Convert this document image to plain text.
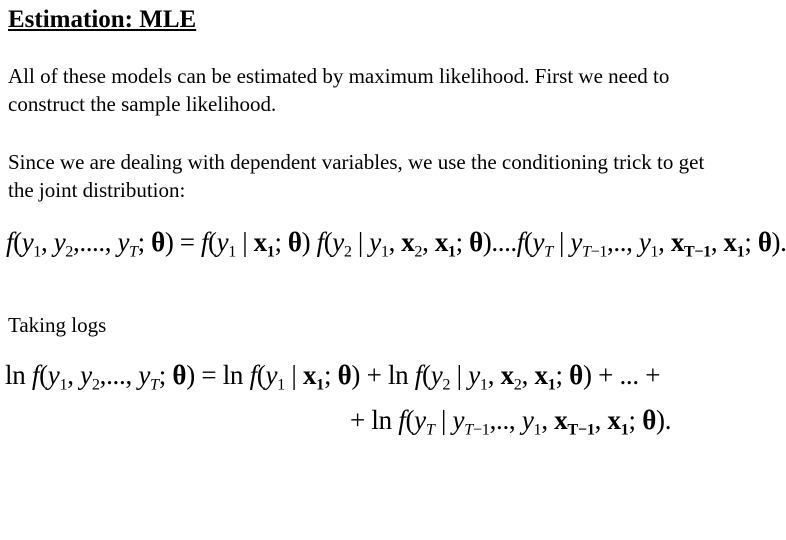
Estimation: MLE

All of these models can be estimated by maximum likelihood. First we need to construct the sample likelihood.

Since we are dealing with dependent variables, we use the conditioning trick to get the joint distribution:

$f(y_1$, $y_2$,...., $y_T$; $\theta) = f(y_1$ | $x_1$; θ) $f(y_2$ | $y_1$, $x_2$, $x_1$; $\theta)....f(y_T$ | $y_{T-1}$,.., $y_1$, $x_{T-1}$, $x_1$; θ).

Taking logs

$\ln f(y_1$, $y_2$,..., $y_T$; $\theta) = \ln f(y_1$ | $x_1$; $\theta) + \ln f(y_2$ | $y_1$, $x_2$, $x_1$; θ) + ... +
+ $\ln f(y_T$ | $y_{T-1}$,.., $y_1$, $x_{T-1}$, $x_1$; θ).
